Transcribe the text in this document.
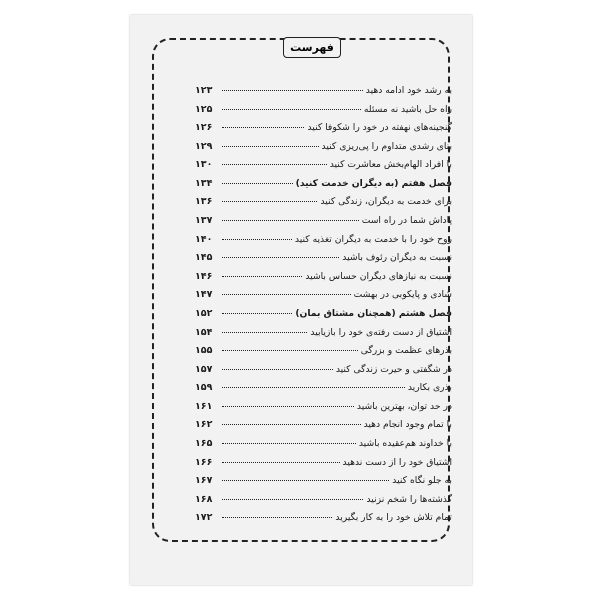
فهرست
به رشد خود ادامه دهید
۱۲۳
راه حل باشید نه مسئله
۱۲۵
گنجینه‌های نهفته در خود را شکوفا کنید
۱۲۶
بنای رشدی متداوم را پی‌ریزی کنید
۱۲۹
با افراد الهام‌بخش معاشرت کنید
۱۳۰
فصل هفتم (به دیگران خدمت کنید)
۱۳۴
برای خدمت به دیگران، زندگی کنید
۱۳۶
پاداش شما در راه است
۱۳۷
روح خود را با خدمت به دیگران تغذیه کنید
۱۴۰
نسبت به دیگران رئوف باشید
۱۴۵
نسبت به نیازهای دیگران حساس باشید
۱۴۶
شادی و پایکوبی در بهشت
۱۴۷
فصل هشتم (همچنان مشتاق بمان)
۱۵۲
اشتیاق از دست رفته‌ی خود را بازیابید
۱۵۴
بذرهای عظمت و بزرگی
۱۵۵
در شگفتی و حیرت زندگی کنید
۱۵۷
بذری بکارید
۱۵۹
در حد توان، بهترین باشید
۱۶۱
با تمام وجود انجام دهید
۱۶۲
با خداوند هم‌عقیده باشید
۱۶۵
اشتیاق خود را از دست ندهید
۱۶۶
به جلو نگاه کنید
۱۶۷
گذشته‌ها را شخم نزنید
۱۶۸
تمام تلاش خود را به کار بگیرید
۱۷۲
